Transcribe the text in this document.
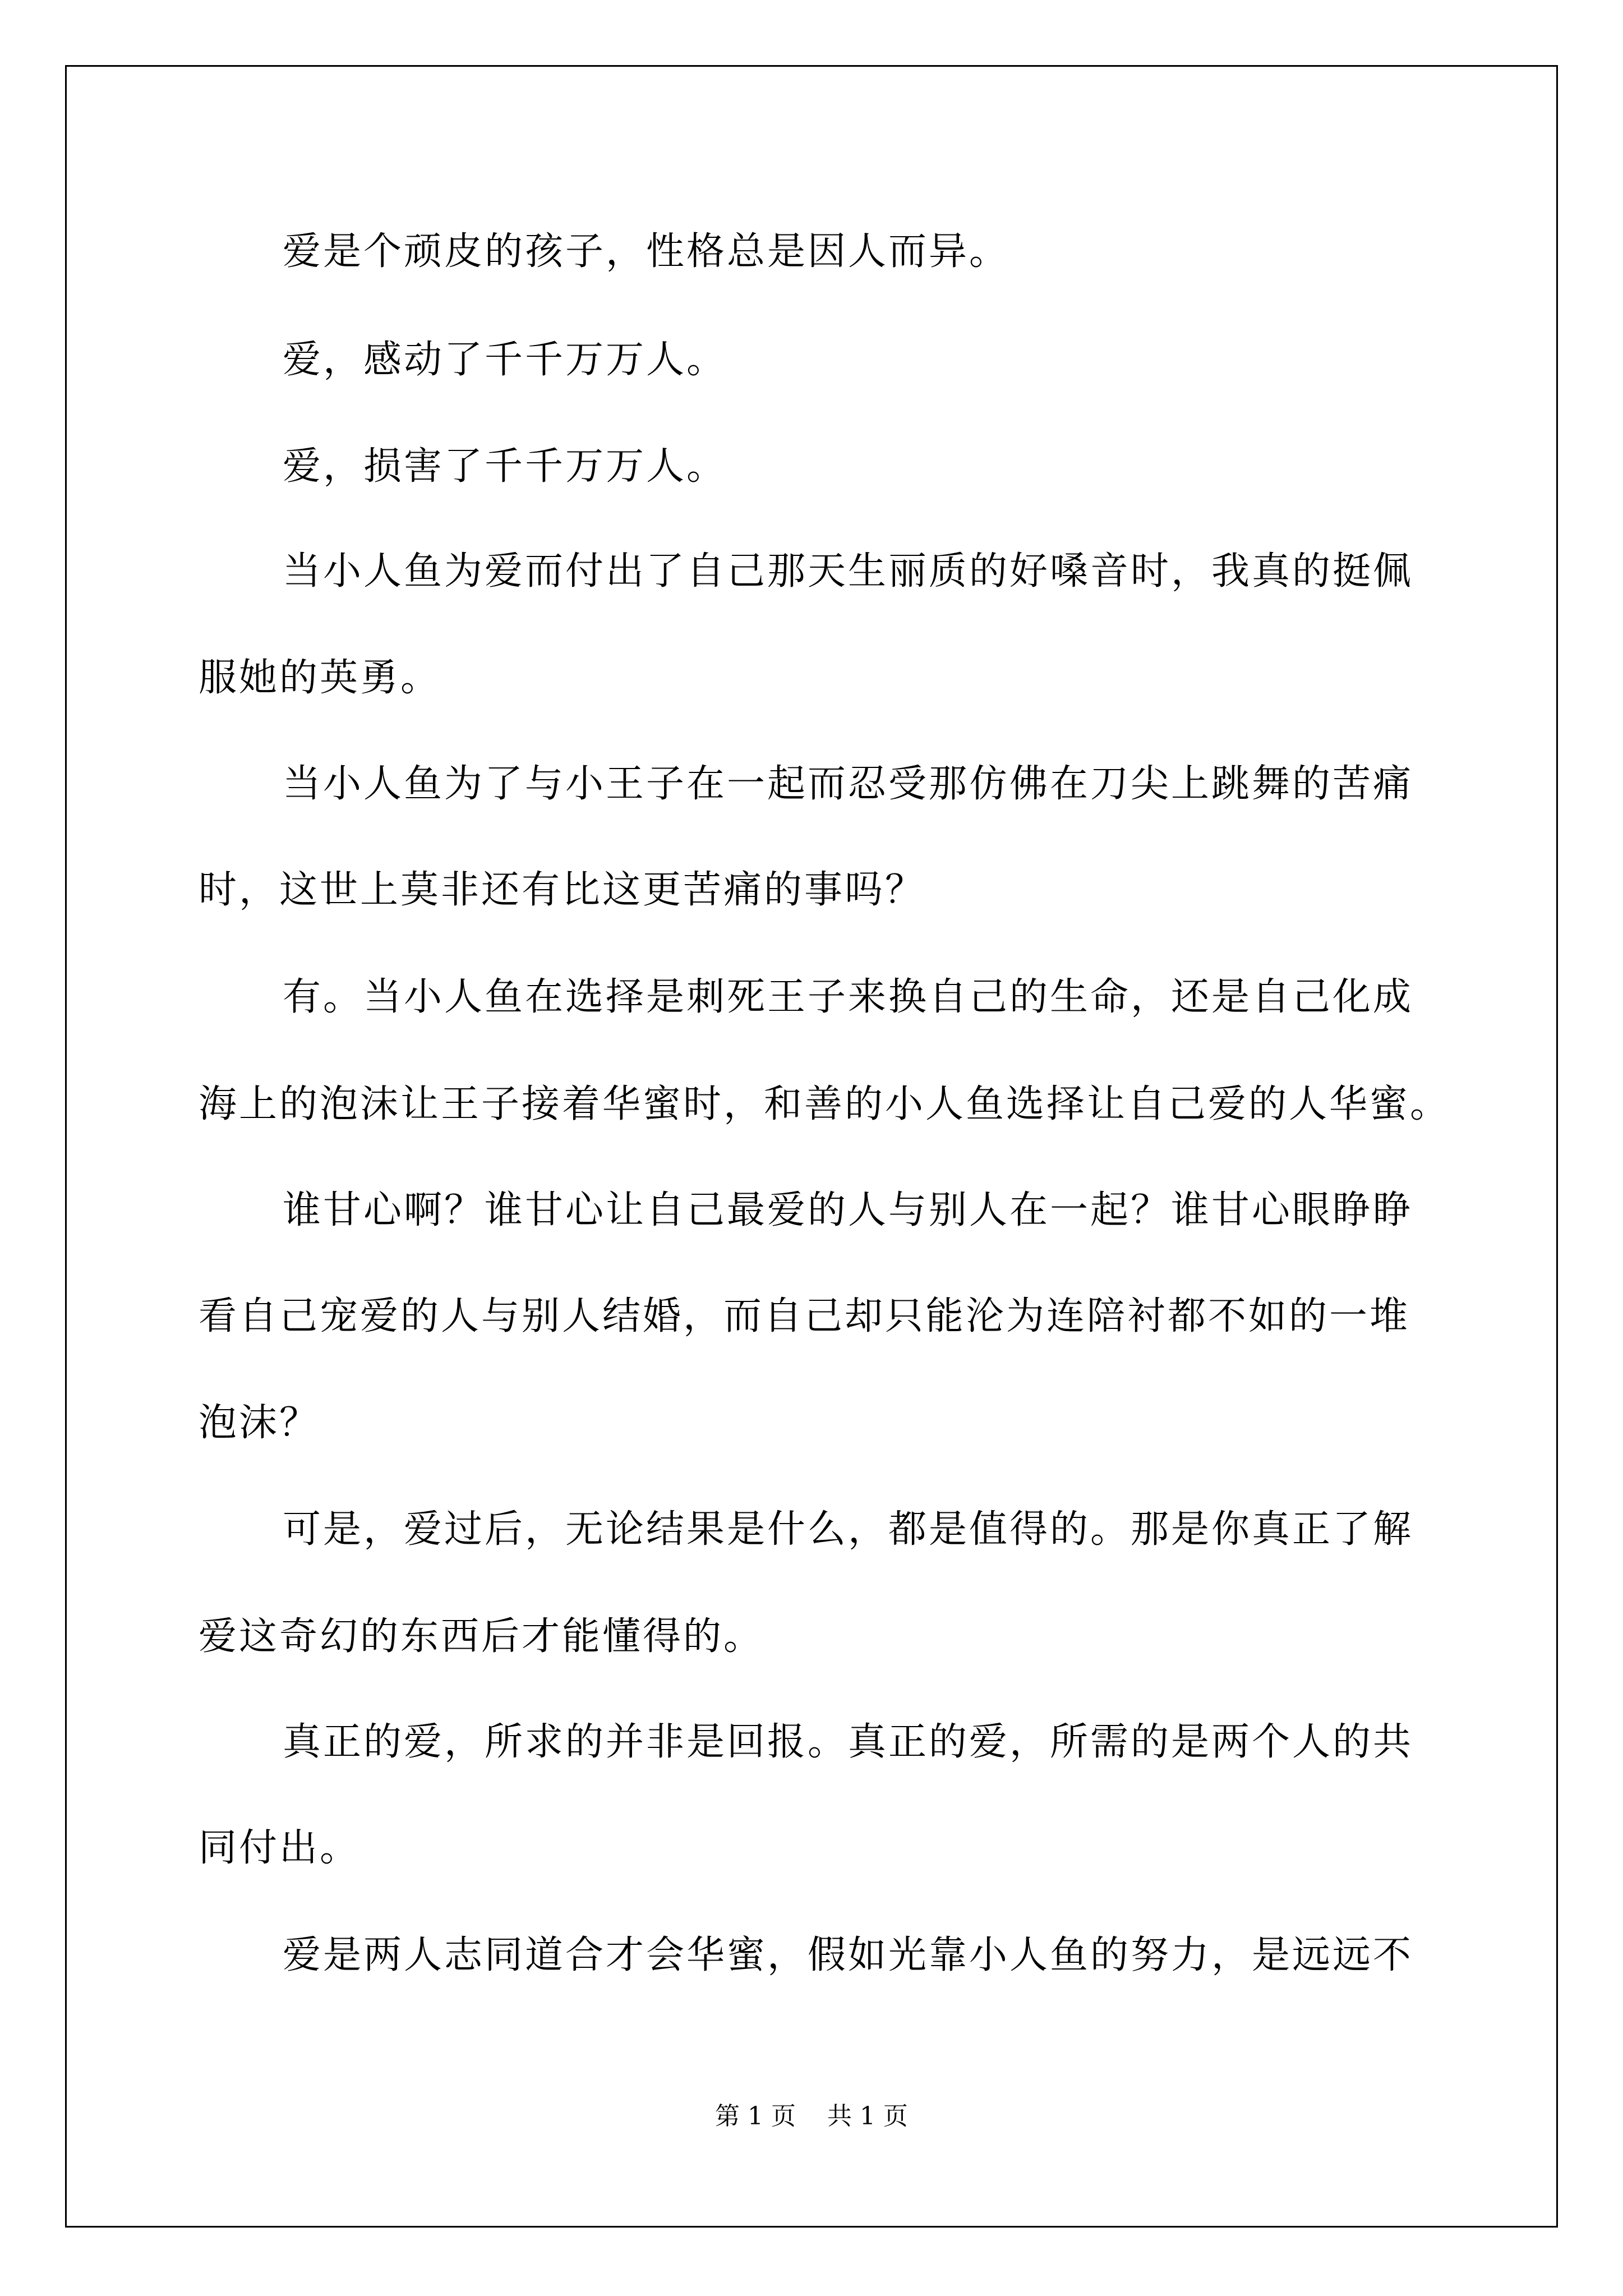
爱是个顽皮的孩子，性格总是因人而异。
爱，感动了千千万万人。
爱，损害了千千万万人。
当小人鱼为爱而付出了自己那天生丽质的好嗓音时，我真的挺佩
服她的英勇。
当小人鱼为了与小王子在一起而忍受那仿佛在刀尖上跳舞的苦痛
时，这世上莫非还有比这更苦痛的事吗？
有。当小人鱼在选择是刺死王子来换自己的生命，还是自己化成
海上的泡沫让王子接着华蜜时，和善的小人鱼选择让自己爱的人华蜜。
谁甘心啊？谁甘心让自己最爱的人与别人在一起？谁甘心眼睁睁
看自己宠爱的人与别人结婚，而自己却只能沦为连陪衬都不如的一堆
泡沫？
可是，爱过后，无论结果是什么，都是值得的。那是你真正了解
爱这奇幻的东西后才能懂得的。
真正的爱，所求的并非是回报。真正的爱，所需的是两个人的共
同付出。
爱是两人志同道合才会华蜜，假如光靠小人鱼的努力，是远远不
第 1 页    共 1 页
